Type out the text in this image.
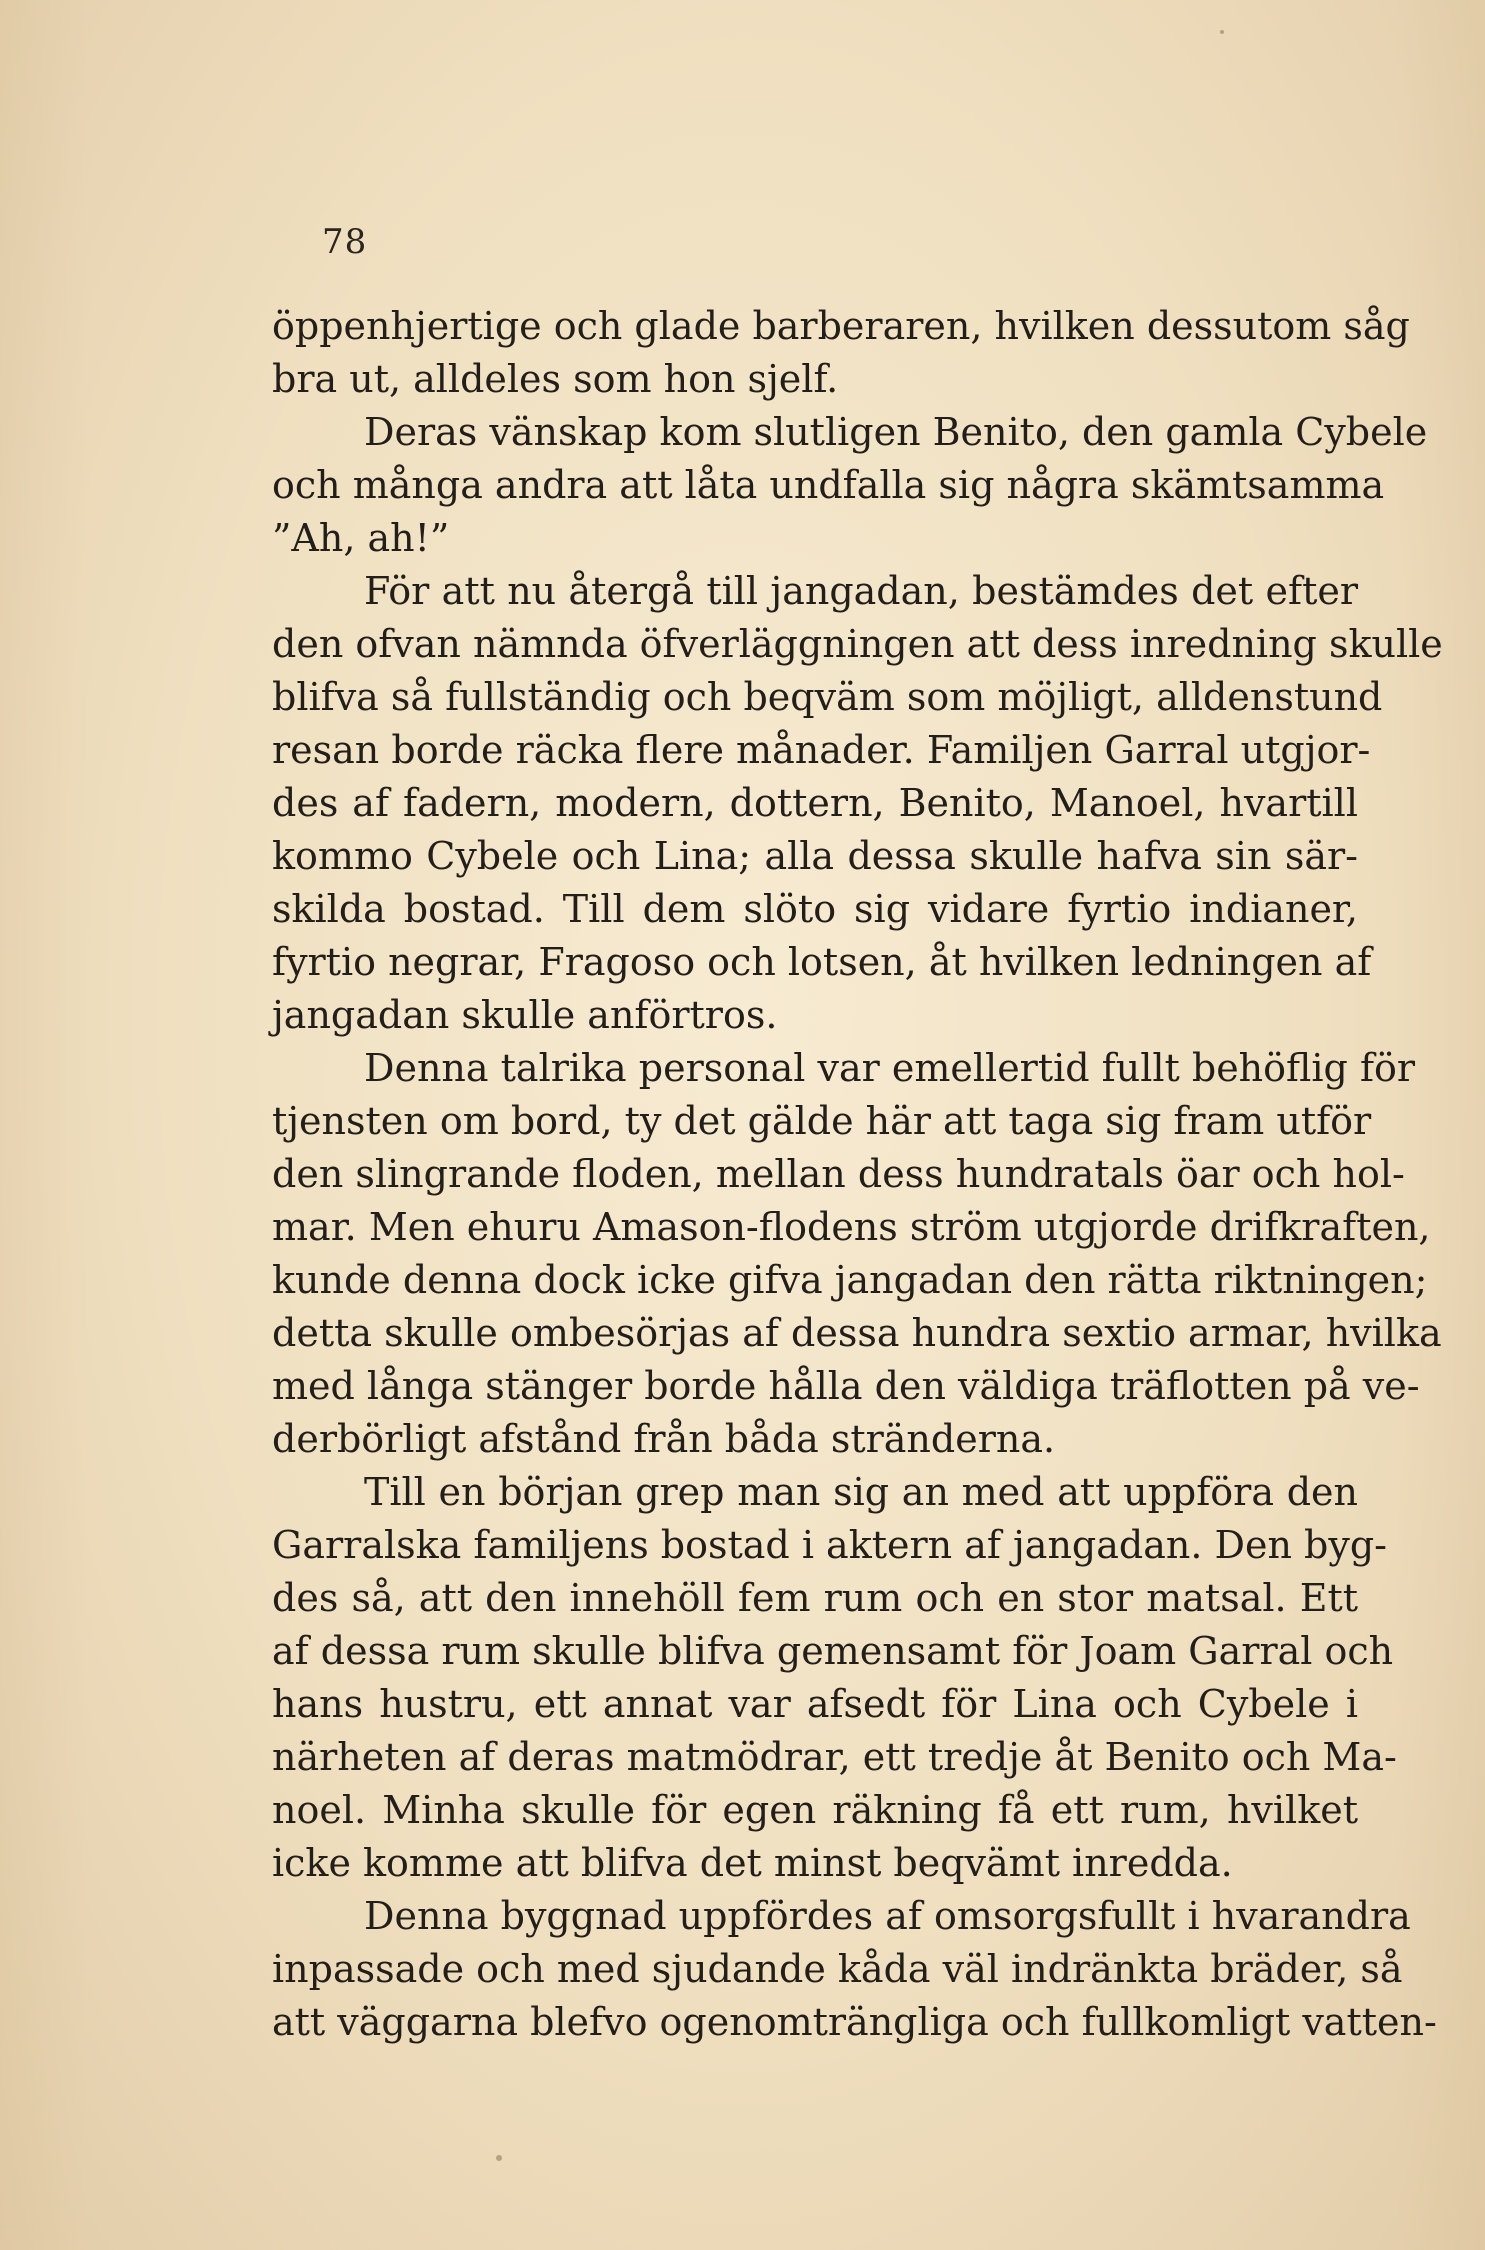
78
öppenhjertige och glade barberaren, hvilken dessutom såg
bra ut, alldeles som hon sjelf.
Deras vänskap kom slutligen Benito, den gamla Cybele
och många andra att låta undfalla sig några skämtsamma
”Ah, ah!”
För att nu återgå till jangadan, bestämdes det efter
den ofvan nämnda öfverläggningen att dess inredning skulle
blifva så fullständig och beqväm som möjligt, alldenstund
resan borde räcka flere månader. Familjen Garral utgjor-
des af fadern, modern, dottern, Benito, Manoel, hvartill
kommo Cybele och Lina; alla dessa skulle hafva sin sär-
skilda bostad. Till dem slöto sig vidare fyrtio indianer,
fyrtio negrar, Fragoso och lotsen, åt hvilken ledningen af
jangadan skulle anförtros.
Denna talrika personal var emellertid fullt behöflig för
tjensten om bord, ty det gälde här att taga sig fram utför
den slingrande floden, mellan dess hundratals öar och hol-
mar. Men ehuru Amason-flodens ström utgjorde drifkraften,
kunde denna dock icke gifva jangadan den rätta riktningen;
detta skulle ombesörjas af dessa hundra sextio armar, hvilka
med långa stänger borde hålla den väldiga träflotten på ve-
derbörligt afstånd från båda stränderna.
Till en början grep man sig an med att uppföra den
Garralska familjens bostad i aktern af jangadan. Den byg-
des så, att den innehöll fem rum och en stor matsal. Ett
af dessa rum skulle blifva gemensamt för Joam Garral och
hans hustru, ett annat var afsedt för Lina och Cybele i
närheten af deras matmödrar, ett tredje åt Benito och Ma-
noel. Minha skulle för egen räkning få ett rum, hvilket
icke komme att blifva det minst beqvämt inredda.
Denna byggnad uppfördes af omsorgsfullt i hvarandra
inpassade och med sjudande kåda väl indränkta bräder, så
att väggarna blefvo ogenomträngliga och fullkomligt vatten-
